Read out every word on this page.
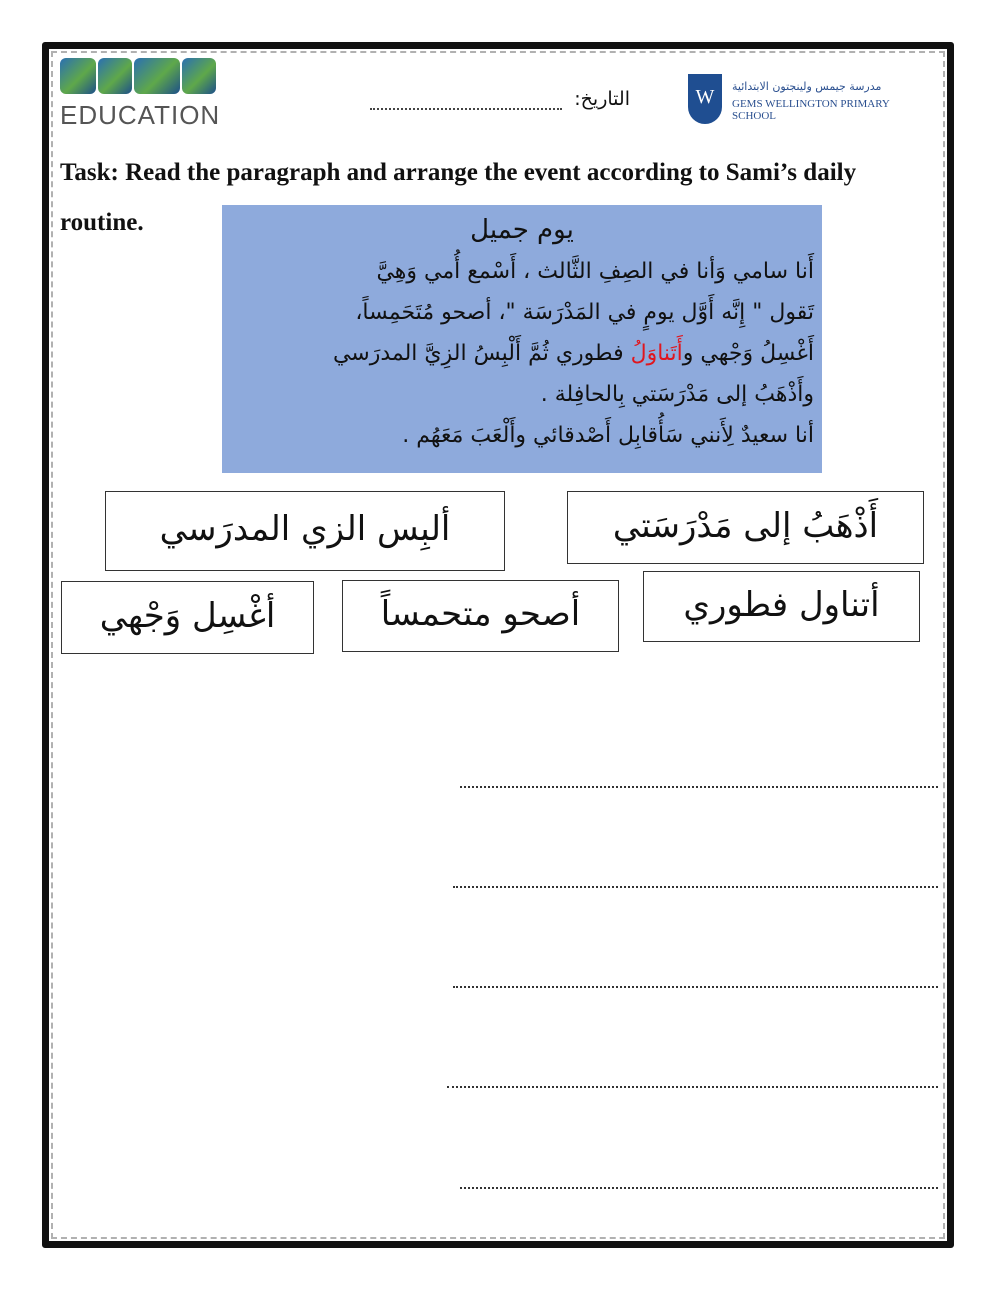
EDUCATION
التاريخ:	W	مدرسة جيمس ولينجتون الابتدائية
GEMS WELLINGTON PRIMARY SCHOOL
Task: Read the paragraph and arrange the event according to Sami’s daily routine.	يوم جميل
أَنا سامي وَأنا في الصِفِ الثَّالث ، أَسْمع أُمي وَهِيَّ
تَقول " إِنَّه أَوَّل يومٍ في المَدْرَسَة "، أصحو مُتَحَمِساً،
أَغْسِلُ وَجْهي وأَتَناوَلُ فطوري ثُمَّ أَلْبِسُ الزِيَّ المدرَسي
وأَذْهَبُ إلى مَدْرَسَتي بِالحافِلة .
أنا سعيدٌ لِأَنني سَأُقابِل أَصْدقائي وأَلْعَبَ مَعَهُم .
ألبِس الزي المدرَسي	أَذْهَبُ إلى مَدْرَسَتي
أغْسِل وَجْهي	أصحو متحمساً	أتناول فطوري
